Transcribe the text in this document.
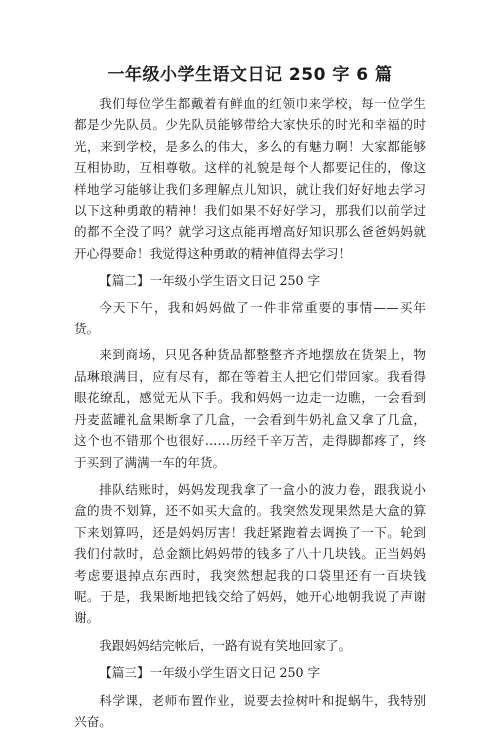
一年级小学生语文日记 250 字 6 篇

我们每位学生都戴着有鲜血的红领巾来学校，每一位学生都是少先队员。少先队员能够带给大家快乐的时光和幸福的时光，来到学校，是多么的伟大，多么的有魅力啊！大家都能够互相协助，互相尊敬。这样的礼貌是每个人都要记住的，像这样地学习能够让我们多理解点儿知识，就让我们好好地去学习以下这种勇敢的精神！我们如果不好好学习，那我们以前学过的都不全没了吗？就学习这点能再增高好知识那么爸爸妈妈就开心得要命！我觉得这种勇敢的精神值得去学习！

【篇二】一年级小学生语文日记 250 字

今天下午，我和妈妈做了一件非常重要的事情——买年货。

来到商场，只见各种货品都整整齐齐地摆放在货架上，物品琳琅满目，应有尽有，都在等着主人把它们带回家。我看得眼花缭乱，感觉无从下手。我和妈妈一边走一边瞧，一会看到丹麦蓝罐礼盒果断拿了几盒，一会看到牛奶礼盒又拿了几盒，这个也不错那个也很好……历经千辛万苦，走得脚都疼了，终于买到了满满一车的年货。

排队结账时，妈妈发现我拿了一盒小的波力卷，跟我说小盒的贵不划算，还不如买大盒的。我突然发现果然是大盒的算下来划算吗，还是妈妈厉害！我赶紧跑着去调换了一下。轮到我们付款时，总金额比妈妈带的钱多了八十几块钱。正当妈妈考虑要退掉点东西时，我突然想起我的口袋里还有一百块钱呢。于是，我果断地把钱交给了妈妈，她开心地朝我说了声谢谢。

我跟妈妈结完帐后，一路有说有笑地回家了。

【篇三】一年级小学生语文日记 250 字

科学课，老师布置作业，说要去捡树叶和捉蜗牛，我特别兴奋。
